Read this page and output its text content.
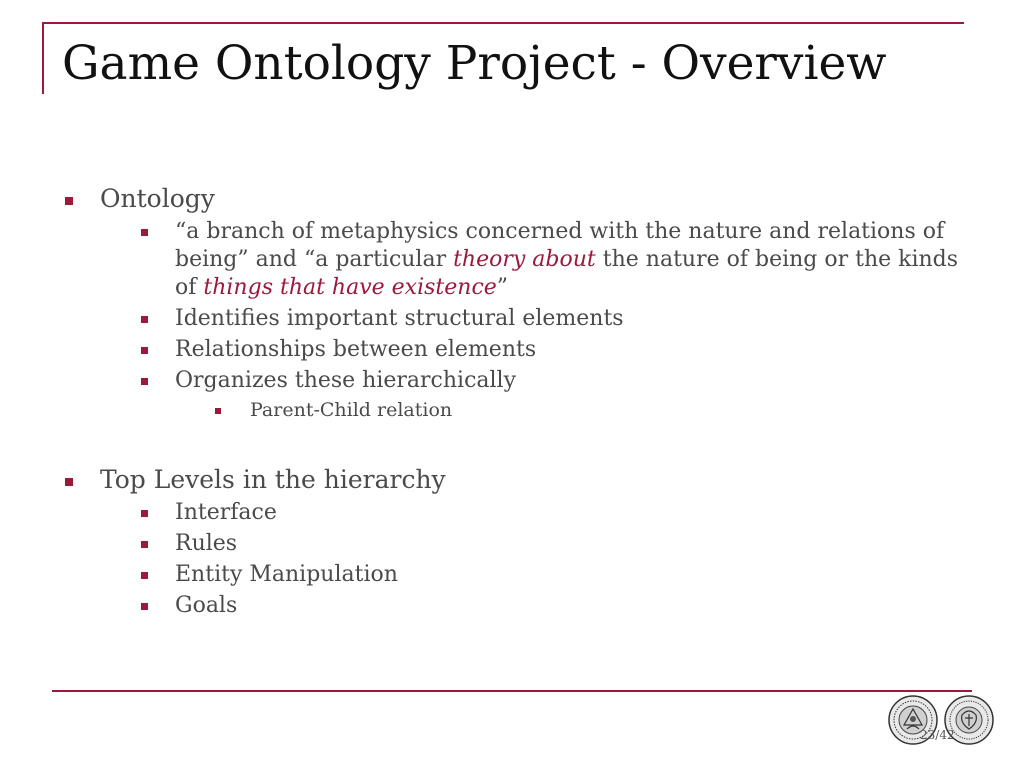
Game Ontology Project - Overview
Ontology
“a branch of metaphysics concerned with the nature and relations of being” and “a particular theory about the nature of being or the kinds of things that have existence”
Identifies important structural elements
Relationships between elements
Organizes these hierarchically
Parent-Child relation
Top Levels in the hierarchy
Interface
Rules
Entity Manipulation
Goals
23/42
